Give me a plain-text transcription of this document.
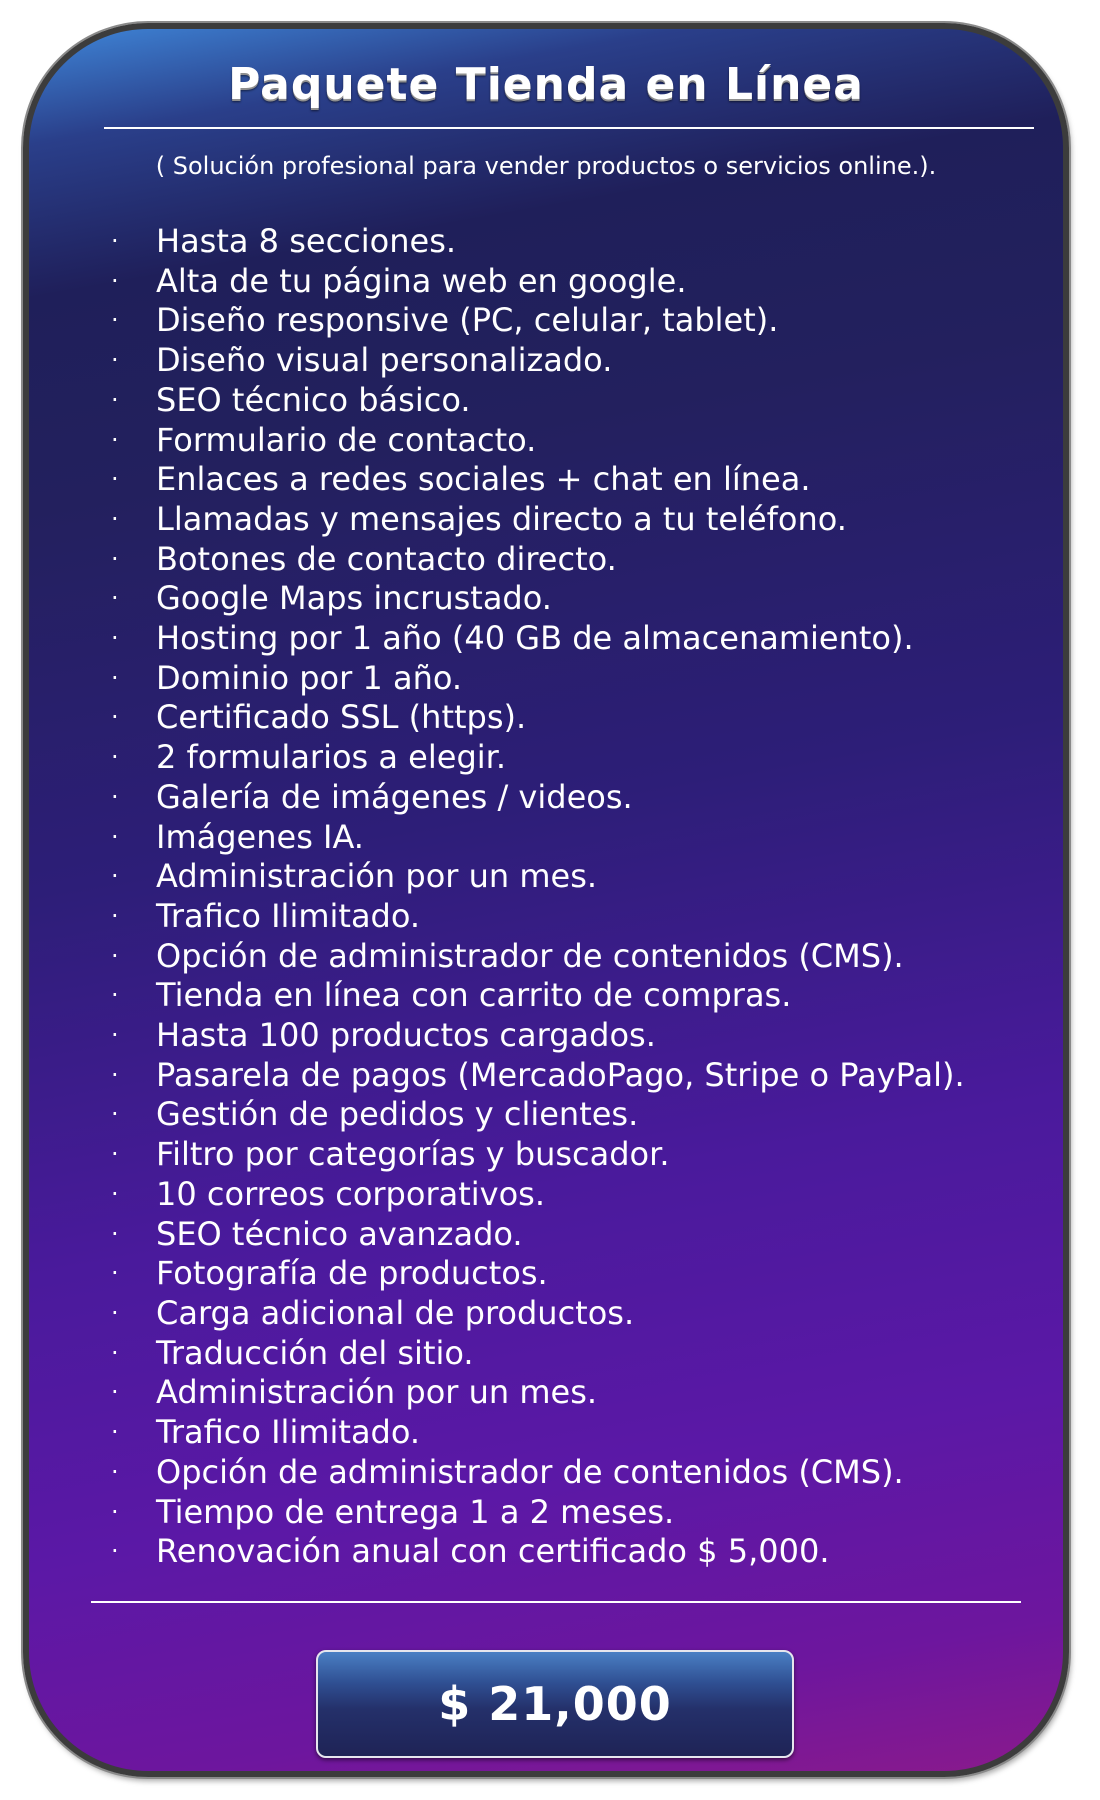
Paquete Tienda en Línea
( Solución profesional para vender productos o servicios online.).
· Hasta 8 secciones.
· Alta de tu página web en google.
· Diseño responsive (PC, celular, tablet).
· Diseño visual personalizado.
· SEO técnico básico.
· Formulario de contacto.
· Enlaces a redes sociales + chat en línea.
· Llamadas y mensajes directo a tu teléfono.
· Botones de contacto directo.
· Google Maps incrustado.
· Hosting por 1 año (40 GB de almacenamiento).
· Dominio por 1 año.
· Certificado SSL (https).
· 2 formularios a elegir.
· Galería de imágenes / videos.
· Imágenes IA.
· Administración por un mes.
· Trafico Ilimitado.
· Opción de administrador de contenidos (CMS).
· Tienda en línea con carrito de compras.
· Hasta 100 productos cargados.
· Pasarela de pagos (MercadoPago, Stripe o PayPal).
· Gestión de pedidos y clientes.
· Filtro por categorías y buscador.
· 10 correos corporativos.
· SEO técnico avanzado.
· Fotografía de productos.
· Carga adicional de productos.
· Traducción del sitio.
· Administración por un mes.
· Trafico Ilimitado.
· Opción de administrador de contenidos (CMS).
· Tiempo de entrega 1 a 2 meses.
· Renovación anual con certificado $ 5,000.
$ 21,000
